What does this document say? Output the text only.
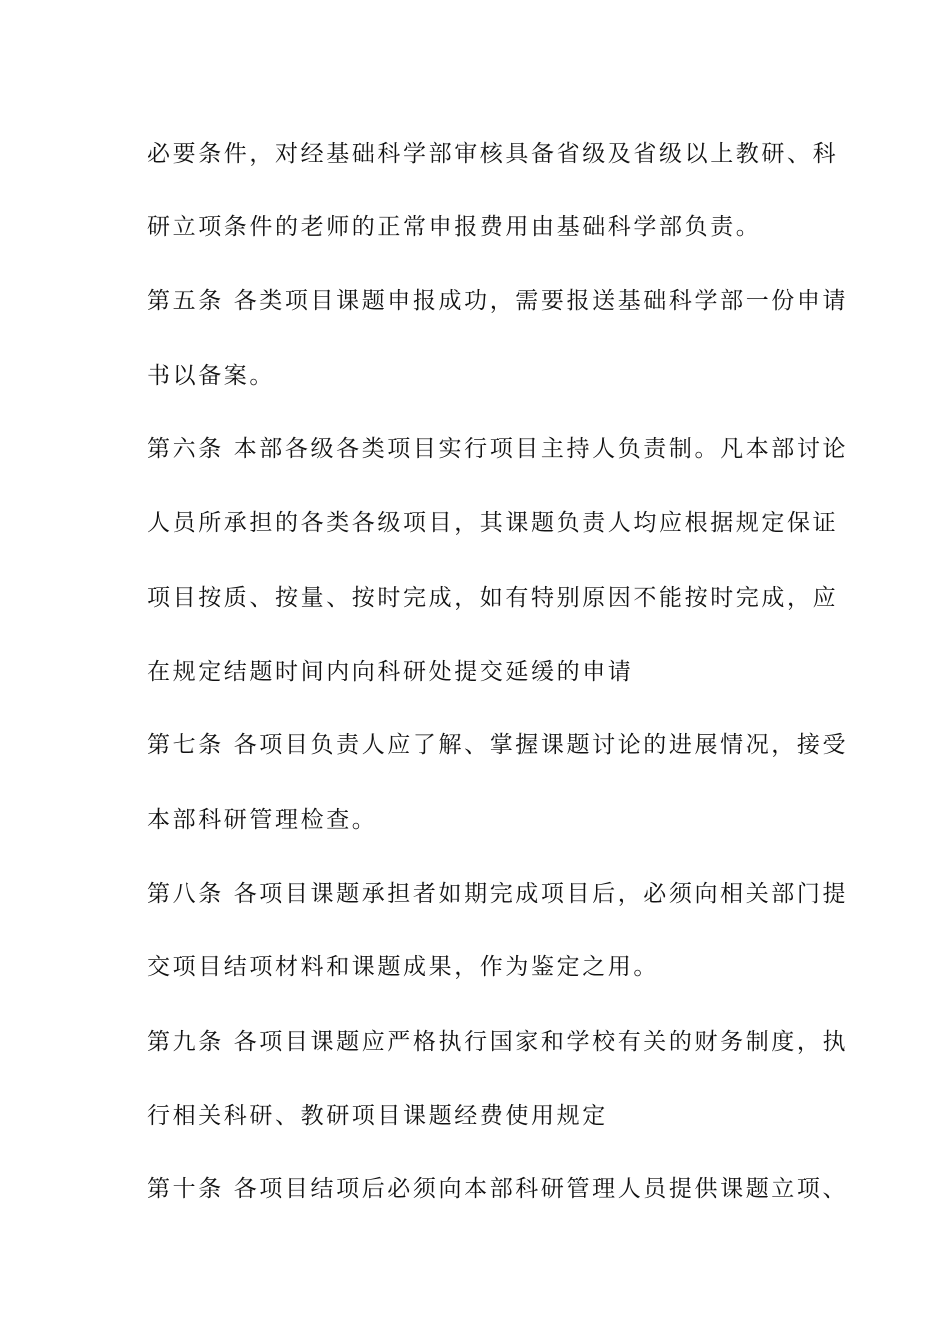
必要条件，对经基础科学部审核具备省级及省级以上教研、科
研立项条件的老师的正常申报费用由基础科学部负责。
第五条 各类项目课题申报成功，需要报送基础科学部一份申请
书以备案。
第六条 本部各级各类项目实行项目主持人负责制。凡本部讨论
人员所承担的各类各级项目，其课题负责人均应根据规定保证
项目按质、按量、按时完成，如有特别原因不能按时完成，应
在规定结题时间内向科研处提交延缓的申请
第七条 各项目负责人应了解、掌握课题讨论的进展情况，接受
本部科研管理检查。
第八条 各项目课题承担者如期完成项目后，必须向相关部门提
交项目结项材料和课题成果，作为鉴定之用。
第九条 各项目课题应严格执行国家和学校有关的财务制度，执
行相关科研、教研项目课题经费使用规定
第十条 各项目结项后必须向本部科研管理人员提供课题立项、
